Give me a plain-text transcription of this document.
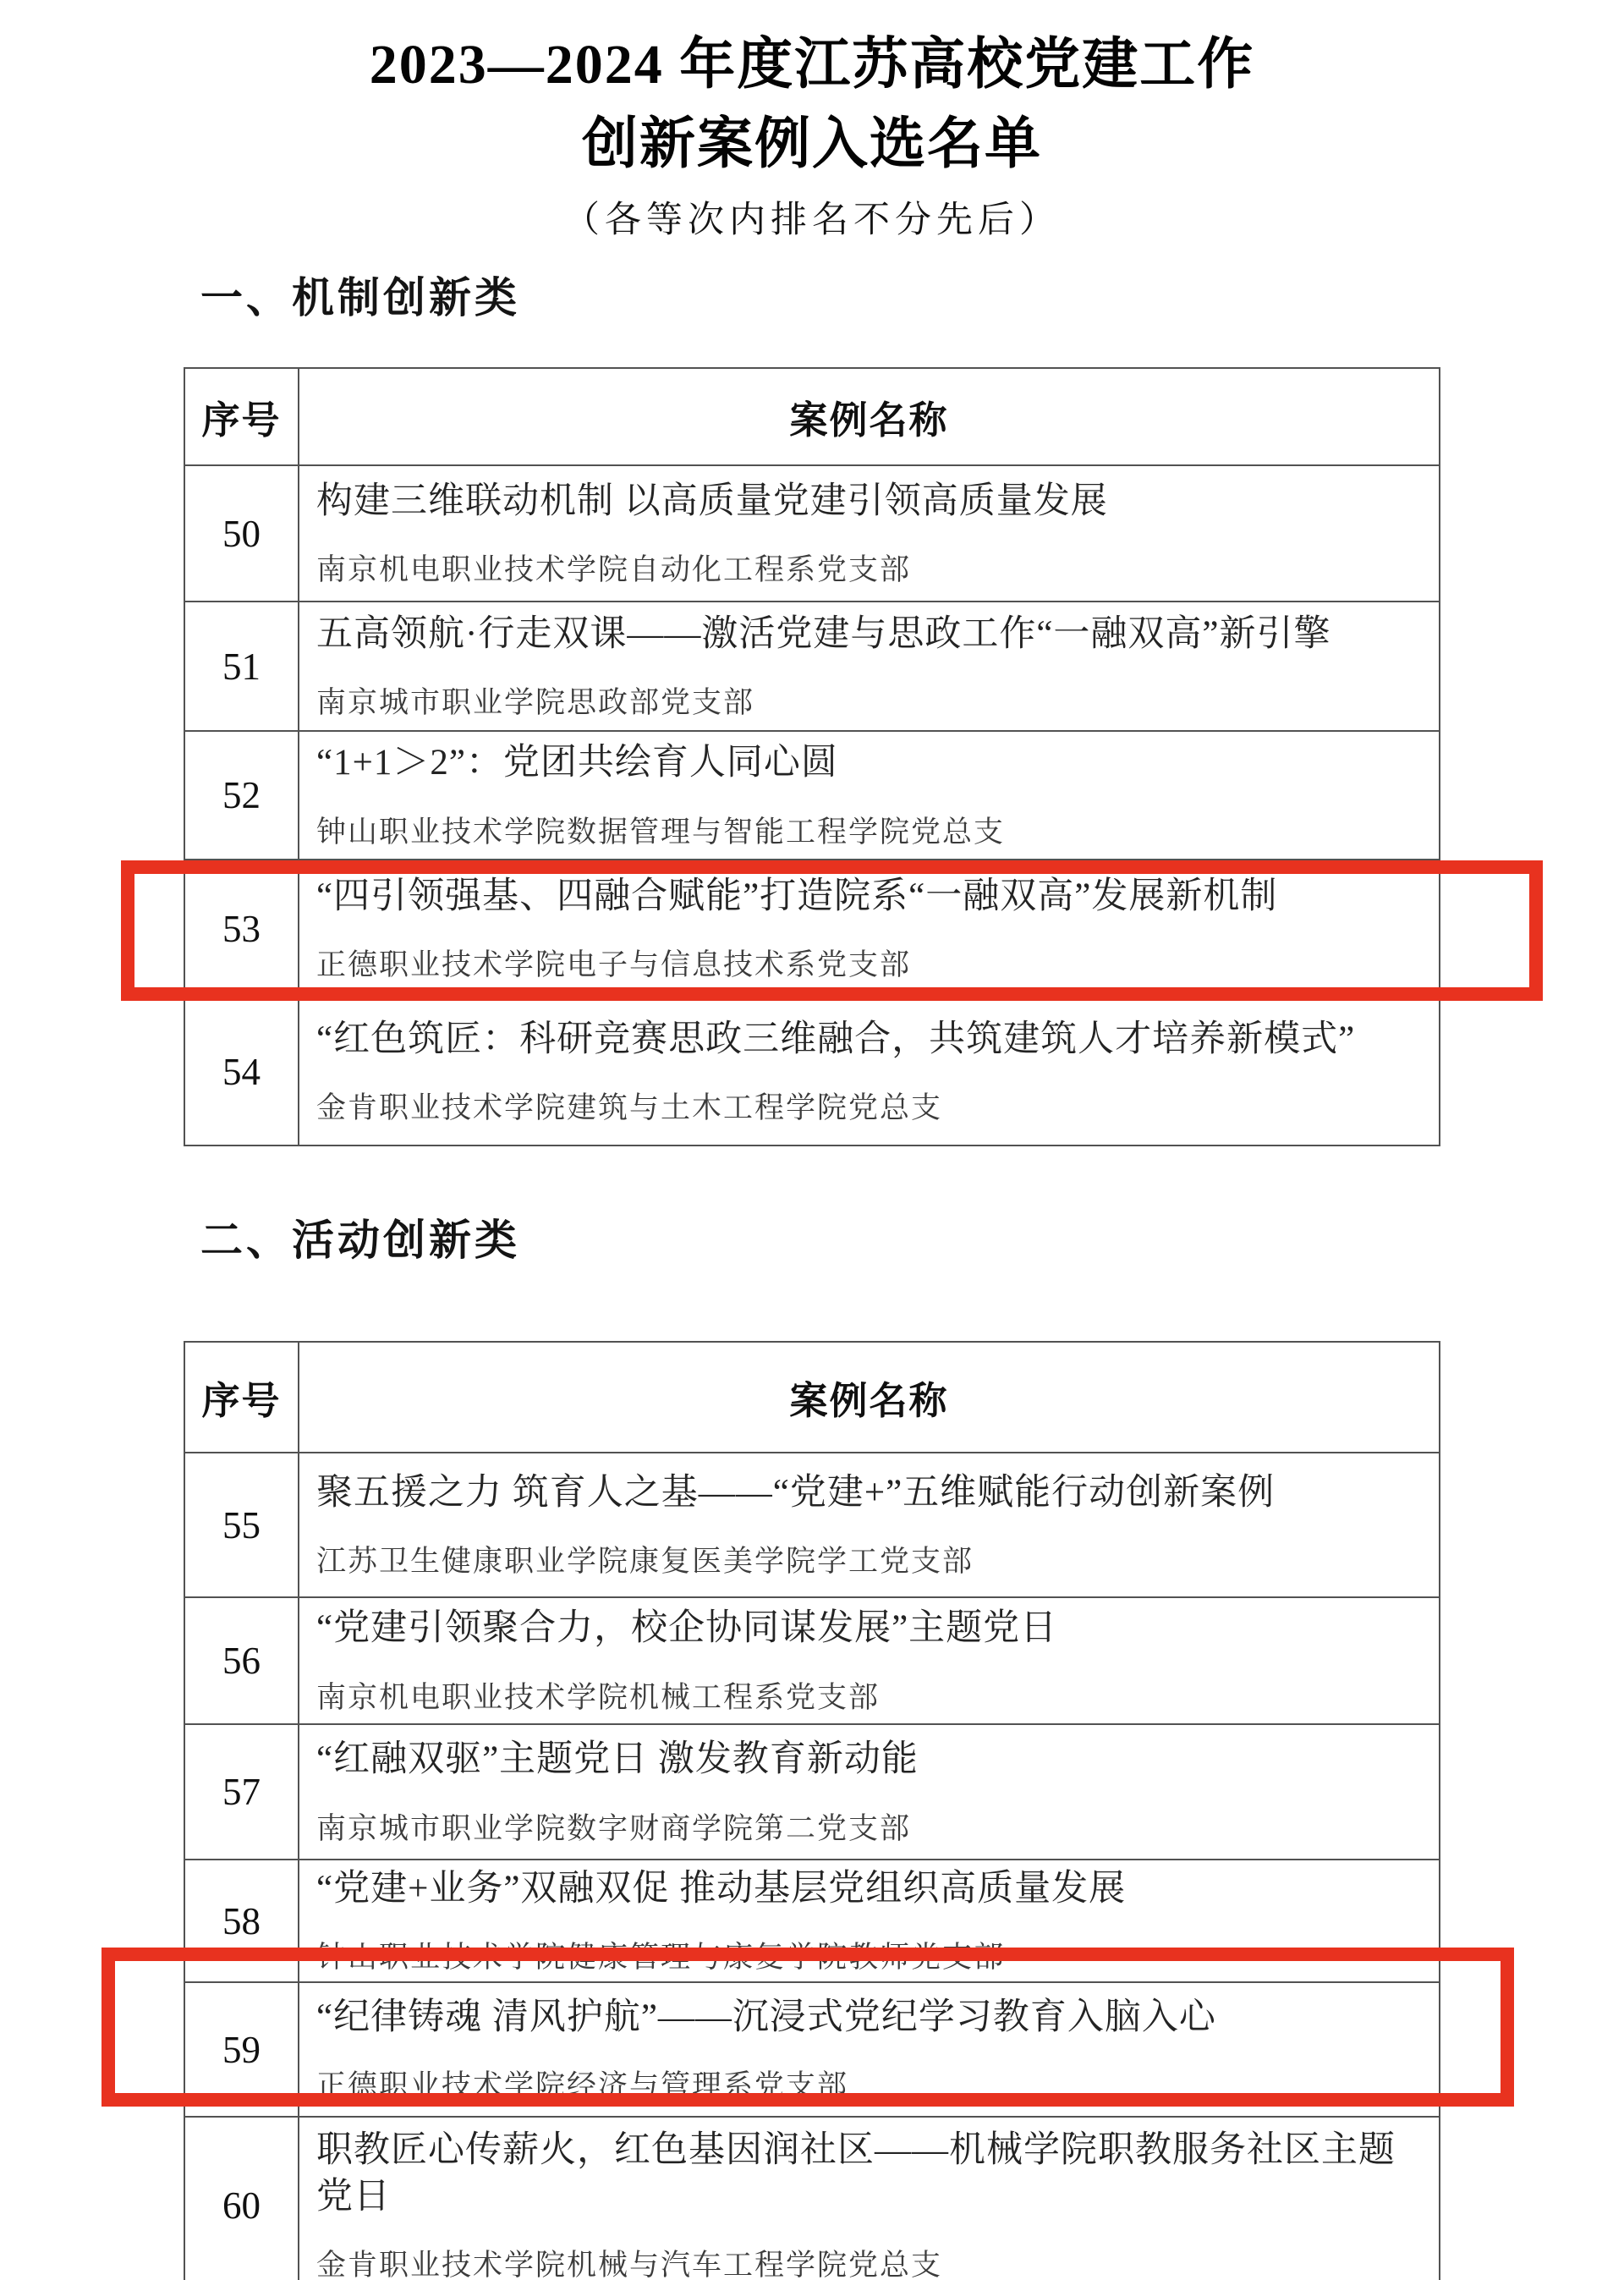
2023—2024 年度江苏高校党建工作
创新案例入选名单
（各等次内排名不分先后）
一、机制创新类
序号	案例名称
50	构建三维联动机制 以高质量党建引领高质量发展
南京机电职业技术学院自动化工程系党支部

51	五高领航·行走双课——激活党建与思政工作“一融双高”新引擎
南京城市职业学院思政部党支部

52	“1+1＞2”：党团共绘育人同心圆
钟山职业技术学院数据管理与智能工程学院党总支

53	“四引领强基、四融合赋能”打造院系“一融双高”发展新机制
正德职业技术学院电子与信息技术系党支部

54	“红色筑匠：科研竞赛思政三维融合，共筑建筑人才培养新模式”
金肯职业技术学院建筑与土木工程学院党总支
二、活动创新类
序号	案例名称
55	聚五援之力 筑育人之基——“党建+”五维赋能行动创新案例
江苏卫生健康职业学院康复医美学院学工党支部

56	“党建引领聚合力，校企协同谋发展”主题党日
南京机电职业技术学院机械工程系党支部

57	“红融双驱”主题党日 激发教育新动能
南京城市职业学院数字财商学院第二党支部

58	“党建+业务”双融双促 推动基层党组织高质量发展
钟山职业技术学院健康管理与康复学院教师党支部

59	“纪律铸魂 清风护航”——沉浸式党纪学习教育入脑入心
正德职业技术学院经济与管理系党支部

60	职教匠心传薪火，红色基因润社区——机械学院职教服务社区主题党日
金肯职业技术学院机械与汽车工程学院党总支
